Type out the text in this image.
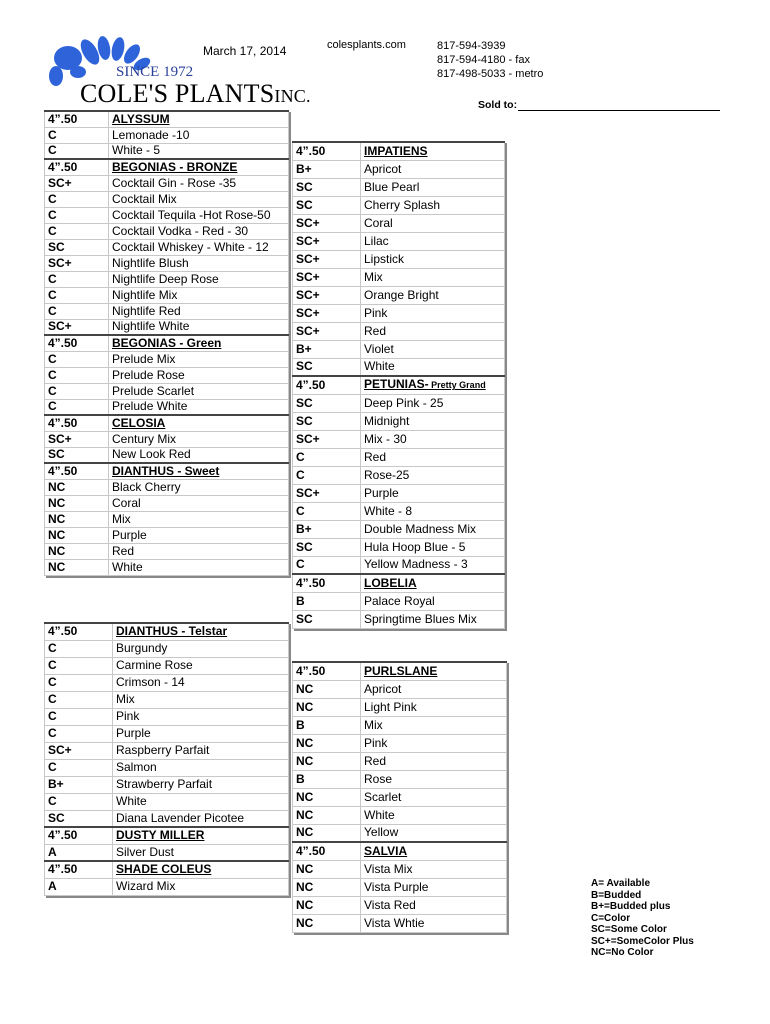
SINCE 1972
COLE'S PLANTSINC.
March 17, 2014	colesplants.com	817-594-3939
817-594-4180 - fax
817-498-5033 - metro
Sold to:
4”.50	ALYSSUM
C	Lemonade -10
C	White - 5
4”.50	BEGONIAS - BRONZE
SC+	Cocktail Gin - Rose -35
C	Cocktail Mix
C	Cocktail Tequila -Hot Rose-50
C	Cocktail Vodka - Red - 30
SC	Cocktail Whiskey - White - 12
SC+	Nightlife Blush
C	Nightlife Deep Rose
C	Nightlife Mix
C	Nightlife Red
SC+	Nightlife White
4”.50	BEGONIAS - Green
C	Prelude Mix
C	Prelude Rose
C	Prelude Scarlet
C	Prelude White
4”.50	CELOSIA
SC+	Century Mix
SC	New Look Red
4”.50	DIANTHUS - Sweet
NC	Black Cherry
NC	Coral
NC	Mix
NC	Purple
NC	Red
NC	White
4”.50	DIANTHUS - Telstar
C	Burgundy
C	Carmine Rose
C	Crimson - 14
C	Mix
C	Pink
C	Purple
SC+	Raspberry Parfait
C	Salmon
B+	Strawberry Parfait
C	White
SC	Diana Lavender Picotee
4”.50	DUSTY MILLER
A	Silver Dust
4”.50	SHADE COLEUS
A	Wizard Mix
4”.50	IMPATIENS
B+	Apricot
SC	Blue Pearl
SC	Cherry Splash
SC+	Coral
SC+	Lilac
SC+	Lipstick
SC+	Mix
SC+	Orange Bright
SC+	Pink
SC+	Red
B+	Violet
SC	White
4”.50	PETUNIAS- Pretty Grand
SC	Deep Pink - 25
SC	Midnight
SC+	Mix - 30
C	Red
C	Rose-25
SC+	Purple
C	White - 8
B+	Double Madness Mix
SC	Hula Hoop Blue - 5
C	Yellow Madness - 3
4”.50	LOBELIA
B	Palace Royal
SC	Springtime Blues Mix
4”.50	PURLSLANE
NC	Apricot
NC	Light Pink
B	Mix
NC	Pink
NC	Red
B	Rose
NC	Scarlet
NC	White
NC	Yellow
4”.50	SALVIA
NC	Vista Mix
NC	Vista Purple
NC	Vista Red
NC	Vista Whtie
A= Available
B=Budded
B+=Budded plus
C=Color
SC=Some Color
SC+=SomeColor Plus
NC=No Color
